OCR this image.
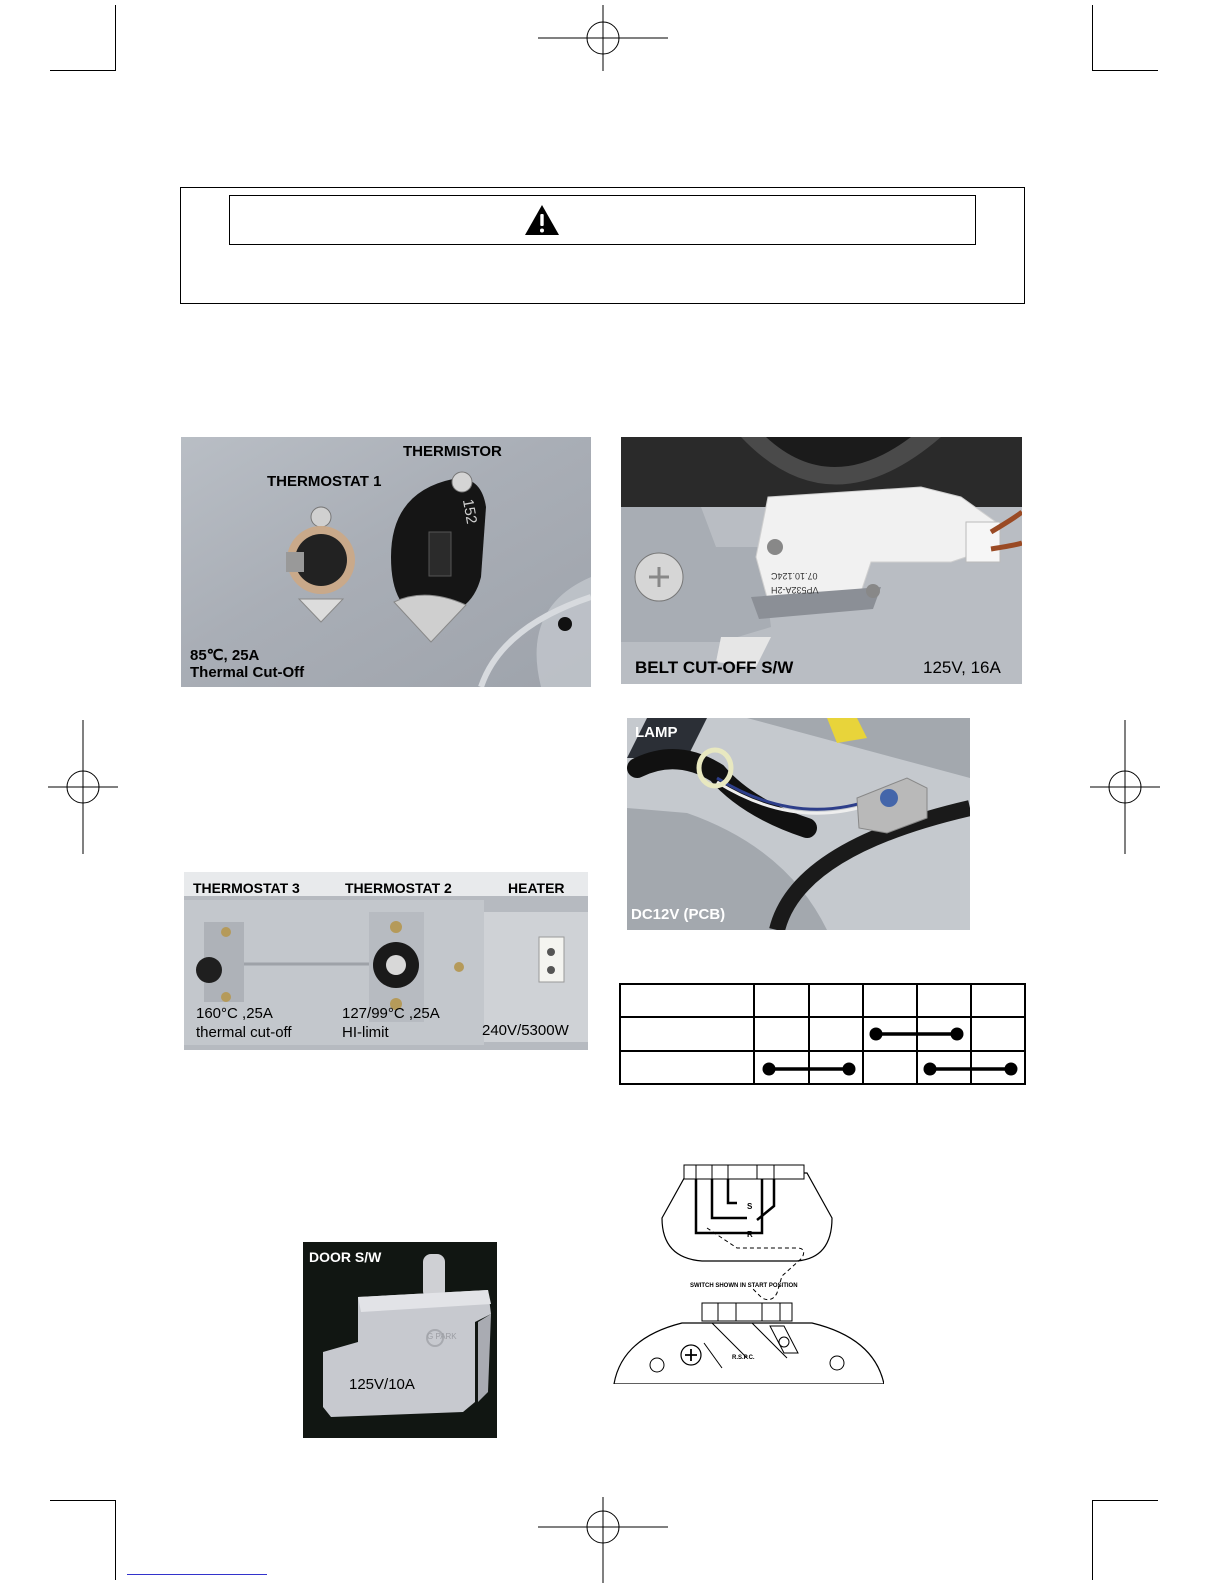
THERMISTOR
THERMOSTAT 1
152
85℃, 25A
Thermal Cut-Off
VP532A-2H
07.10.124C
BELT CUT-OFF S/W	125V, 16A
LAMP
DC12V (PCB)
THERMOSTAT 3	THERMOSTAT 2	HEATER
160°C ,25A
thermal cut-off
127/99°C ,25A
HI-limit	240V/5300W
DOOR S/W
G PARK
125V/10A
S
R
SWITCH SHOWN IN START POSITION
R.S.P.C.
